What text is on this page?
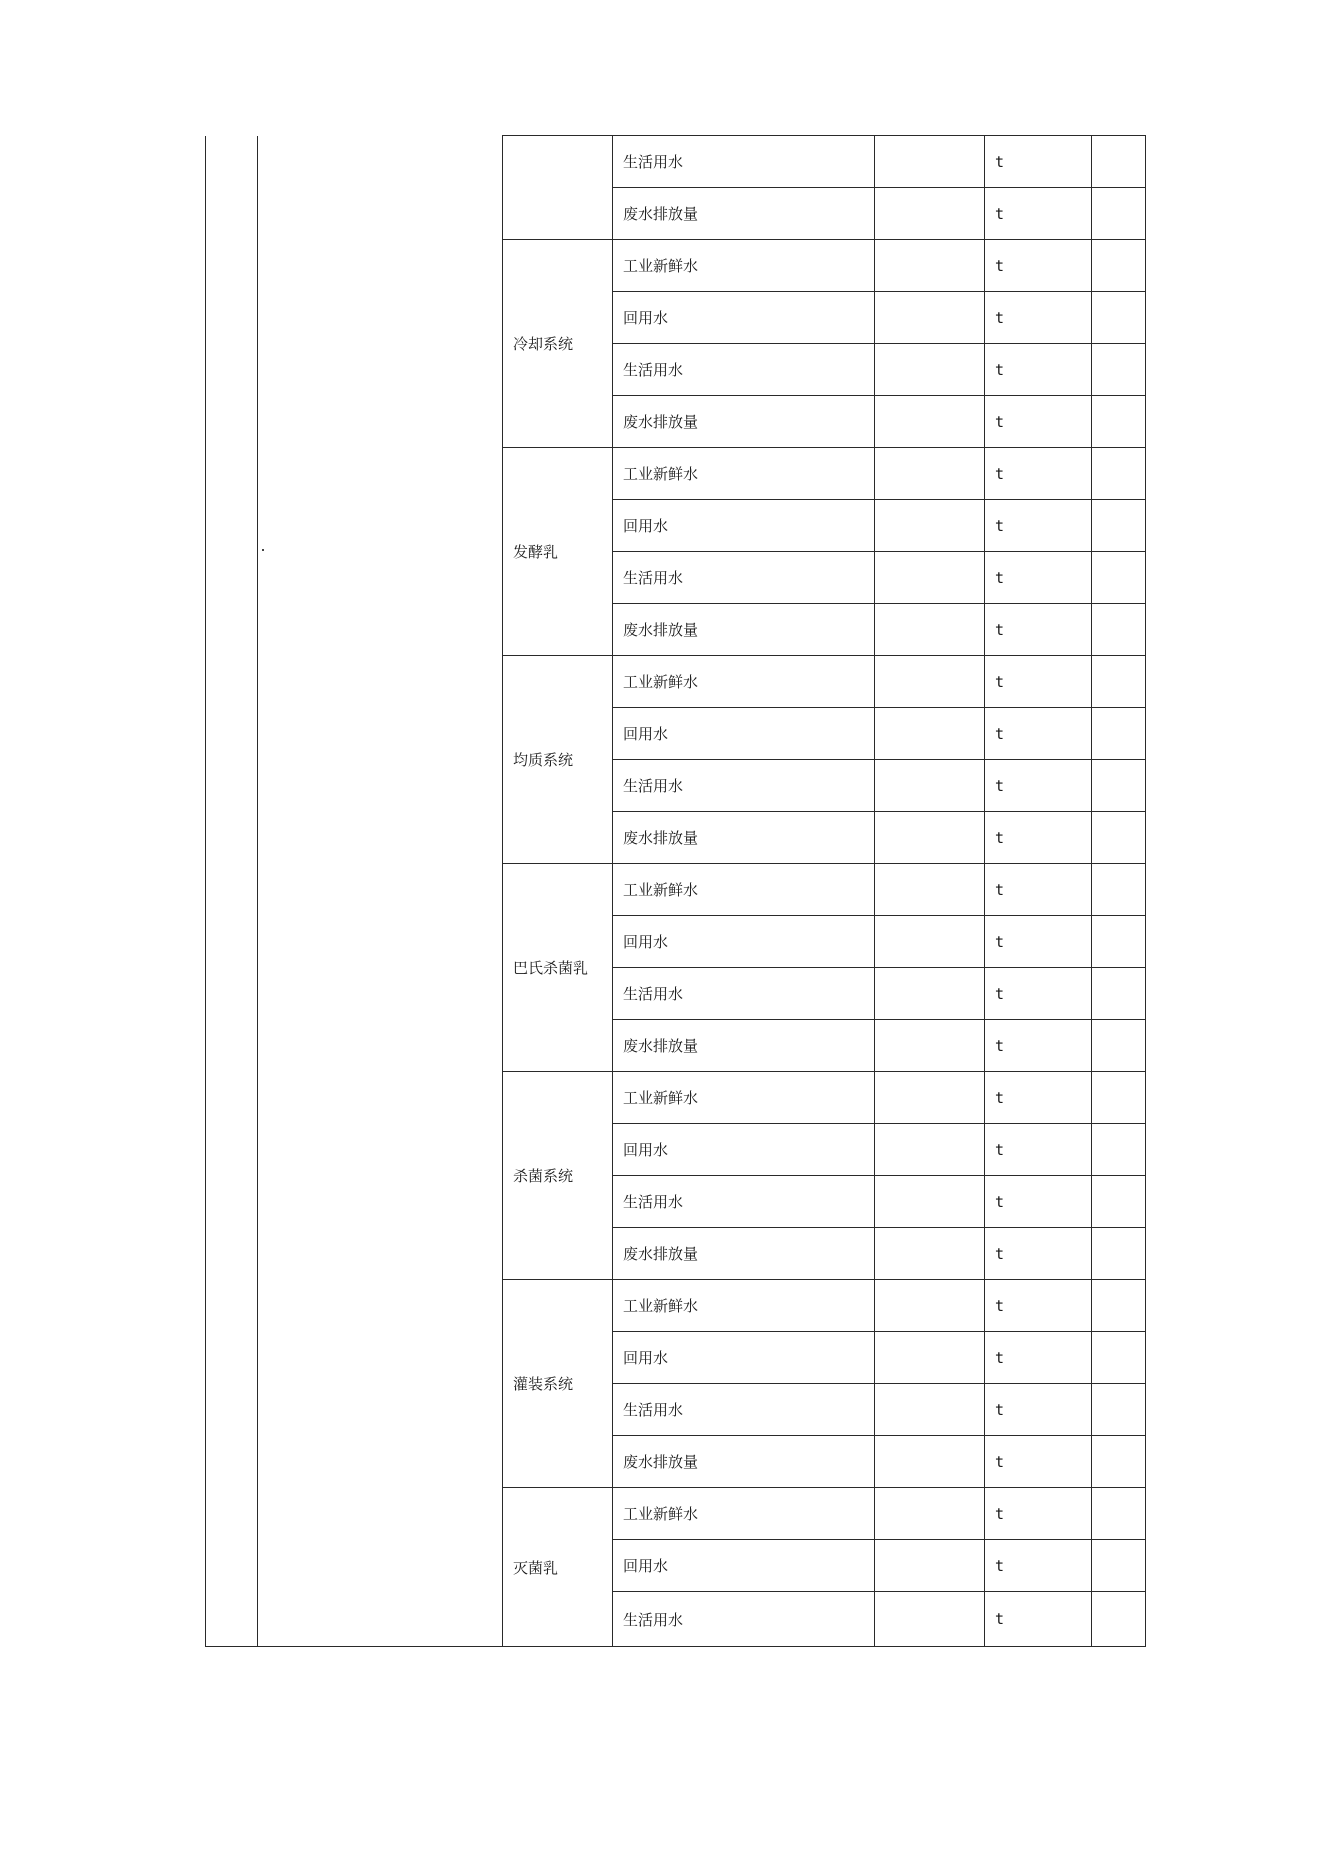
			生活用水		t	
			废水排放量		t	
		冷却系统	工业新鲜水		t	
			回用水		t	
			生活用水		t	
			废水排放量		t	
		发酵乳	工业新鲜水		t	
			回用水		t	
			生活用水		t	
			废水排放量		t	
		均质系统	工业新鲜水		t	
			回用水		t	
			生活用水		t	
			废水排放量		t	
		巴氏杀菌乳	工业新鲜水		t	
			回用水		t	
			生活用水		t	
			废水排放量		t	
		杀菌系统	工业新鲜水		t	
			回用水		t	
			生活用水		t	
			废水排放量		t	
		灌装系统	工业新鲜水		t	
			回用水		t	
			生活用水		t	
			废水排放量		t	
		灭菌乳	工业新鲜水		t	
			回用水		t	
			生活用水		t	
